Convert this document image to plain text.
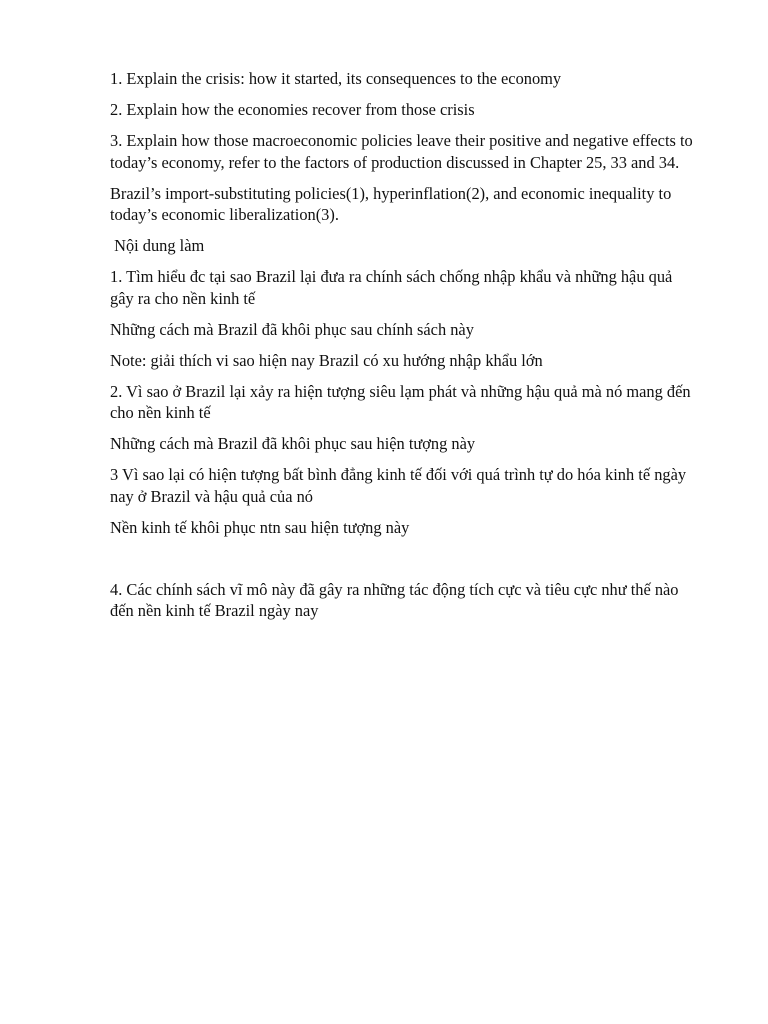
1. Explain the crisis: how it started, its consequences to the economy

2. Explain how the economies recover from those crisis

3. Explain how those macroeconomic policies leave their positive and negative effects to today’s economy, refer to the factors of production discussed in Chapter 25, 33 and 34.

Brazil’s import-substituting policies(1), hyperinflation(2), and economic inequality to today’s economic liberalization(3).

Nội dung làm

1. Tìm hiểu đc tại sao Brazil lại đưa ra chính sách chống nhập khẩu và những hậu quả gây ra cho nền kinh tế

Những cách mà Brazil đã khôi phục sau chính sách này

Note: giải thích vi sao hiện nay Brazil có xu hướng nhập khẩu lớn

2. Vì sao ở Brazil lại xảy ra hiện tượng siêu lạm phát và những hậu quả mà nó mang đến cho nền kinh tế

Những cách mà Brazil đã khôi phục sau hiện tượng này

3 Vì sao lại có hiện tượng bất bình đẳng kinh tế đối với quá trình tự do hóa kinh tế ngày nay ở Brazil và hậu quả của nó

Nền kinh tế khôi phục ntn sau hiện tượng này

4. Các chính sách vĩ mô này đã gây ra những tác động tích cực và tiêu cực như thế nào đến nền kinh tế Brazil ngày nay
